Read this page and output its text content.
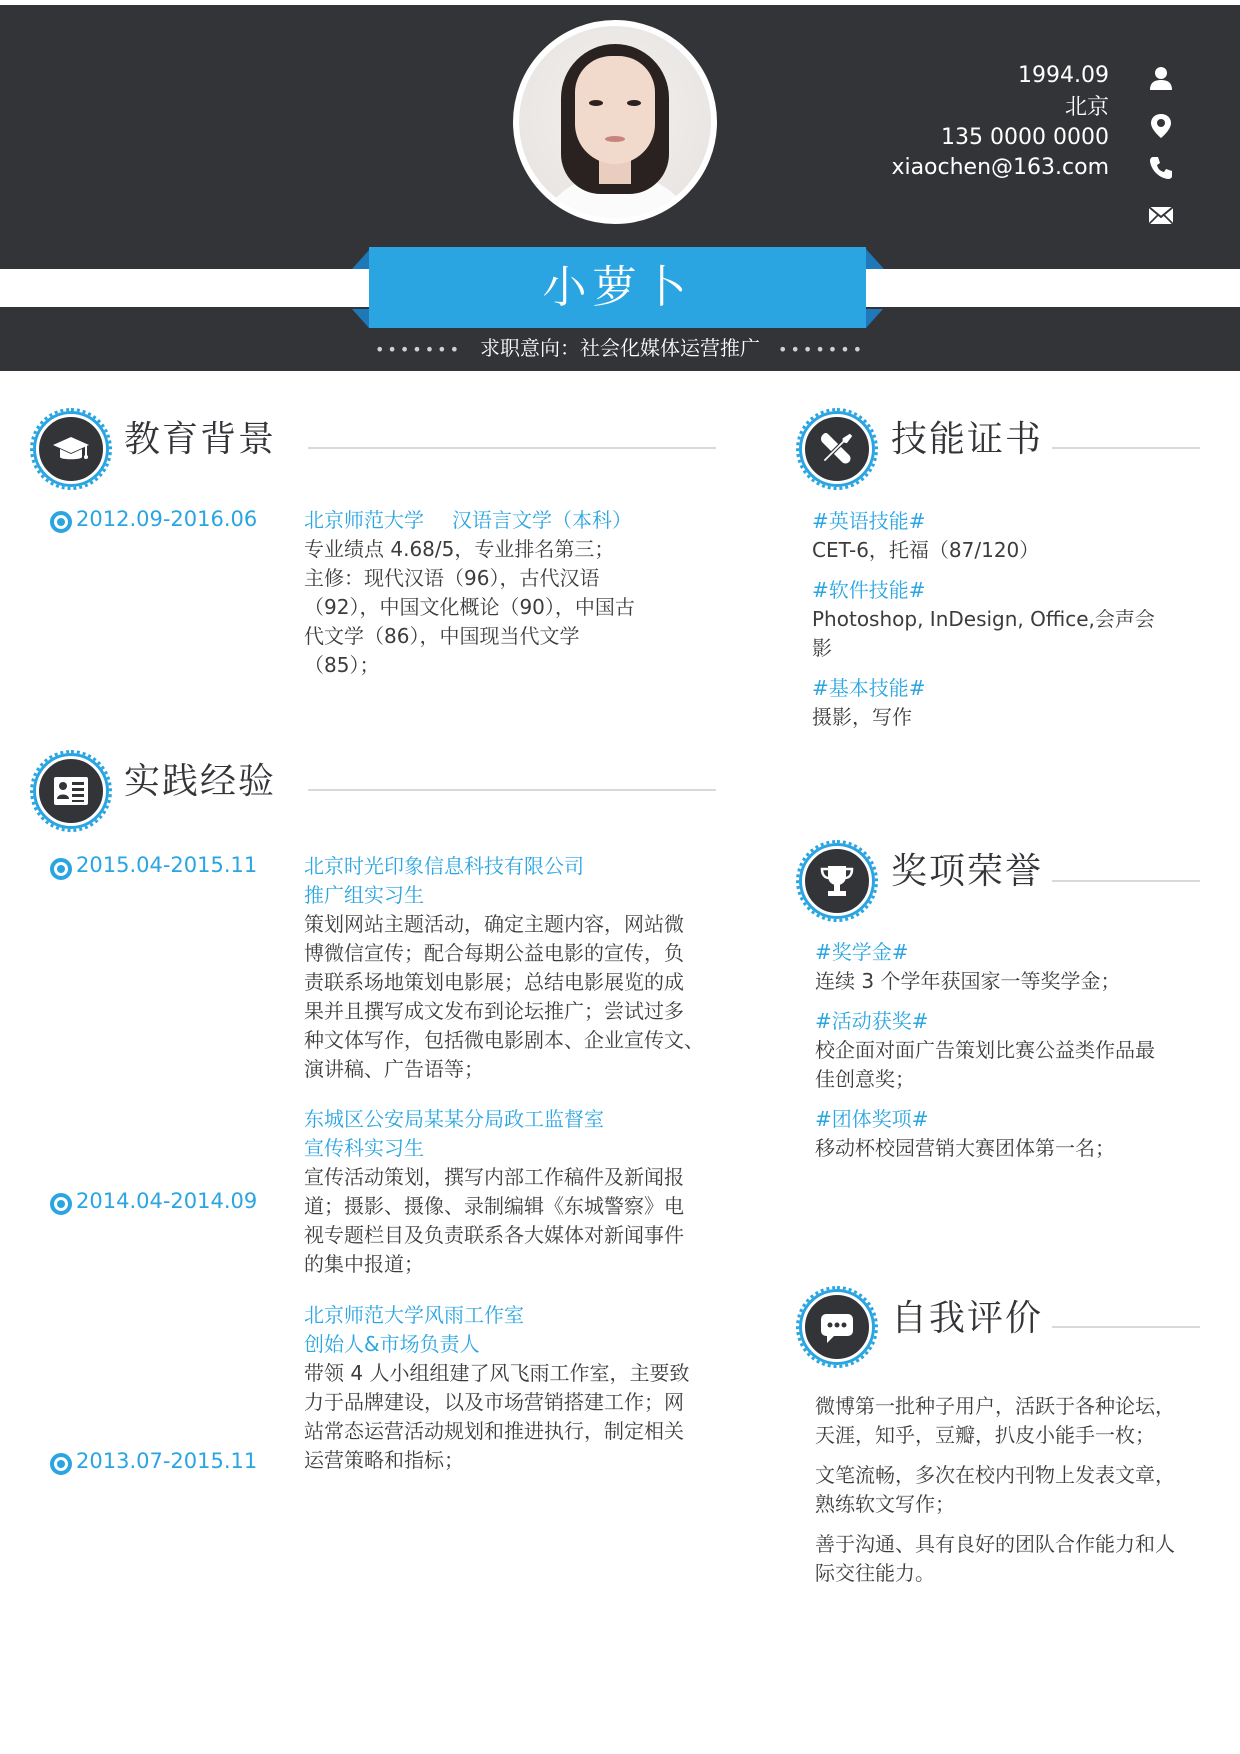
1994.09
北京
135 0000 0000
xiaochen@163.com
小萝卜
••••••• 求职意向：社会化媒体运营推广 •••••••
教育背景
2012.09-2016.06 北京师范大学 汉语言文学（本科）
专业绩点 4.68/5，专业排名第三；
主修：现代汉语（96），古代汉语
（92），中国文化概论（90），中国古
代文学（86），中国现当代文学
（85）；
实践经验
2015.04-2015.11 北京时光印象信息科技有限公司
推广组实习生
策划网站主题活动，确定主题内容，网站微
博微信宣传；配合每期公益电影的宣传，负
责联系场地策划电影展；总结电影展览的成
果并且撰写成文发布到论坛推广；尝试过多
种文体写作，包括微电影剧本、企业宣传文、
演讲稿、广告语等；
2014.04-2014.09
东城区公安局某某分局政工监督室
宣传科实习生
宣传活动策划，撰写内部工作稿件及新闻报
道；摄影、摄像、录制编辑《东城警察》电
视专题栏目及负责联系各大媒体对新闻事件
的集中报道；
2013.07-2015.11
北京师范大学风雨工作室
创始人&市场负责人
带领 4 人小组组建了风飞雨工作室，主要致
力于品牌建设，以及市场营销搭建工作；网
站常态运营活动规划和推进执行，制定相关
运营策略和指标；
技能证书
#英语技能#
CET-6，托福（87/120）
#软件技能#
Photoshop, InDesign, Office,会声会
影
#基本技能#
摄影，写作
奖项荣誉
#奖学金#
连续 3 个学年获国家一等奖学金；
#活动获奖#
校企面对面广告策划比赛公益类作品最
佳创意奖；
#团体奖项#
移动杯校园营销大赛团体第一名；
自我评价
微博第一批种子用户，活跃于各种论坛，
天涯，知乎，豆瓣，扒皮小能手一枚；
文笔流畅，多次在校内刊物上发表文章，
熟练软文写作；
善于沟通、具有良好的团队合作能力和人
际交往能力。
